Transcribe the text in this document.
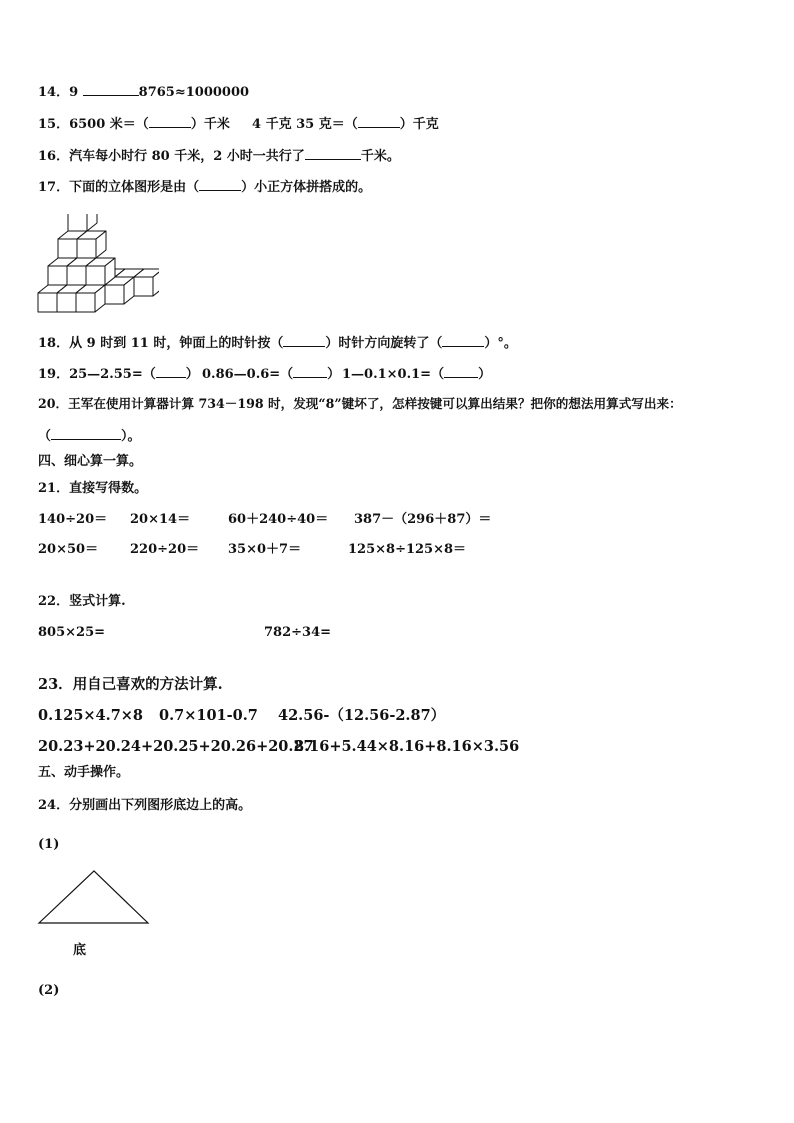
14．9	8765≈1000000
15．6500 米＝（	）千米 4 千克 35 克＝（	）千克
16．汽车每小时行 80 千米，2 小时一共行了	千米。
17．下面的立体图形是由（	）小正方体拼搭成的。
18．从 9 时到 11 时，钟面上的时针按（	）时针方向旋转了（	）°。
19．25—2.55=（ ） 0.86—0.6=（	） 1—0.1×0.1=（	）
20．王军在使用计算器计算 734－198 时，发现“8”键坏了，怎样按键可以算出结果？把你的想法用算式写出来：
（	）。
四、细心算一算。
21．直接写得数。
140÷20＝ 20×14＝	60＋240÷40＝ 387－（296＋87）＝
20×50＝ 220÷20＝ 35×0＋7＝	125×8÷125×8＝
22．竖式计算.
805×25=	782÷34=
23．用自己喜欢的方法计算.
0.125×4.7×8 0.7×101-0.7 42.56-（12.56-2.87）
20.23+20.24+20.25+20.26+20.27
8.16+5.44×8.16+8.16×3.56
五、动手操作。
24．分别画出下列图形底边上的高。
(1)
底
(2)
